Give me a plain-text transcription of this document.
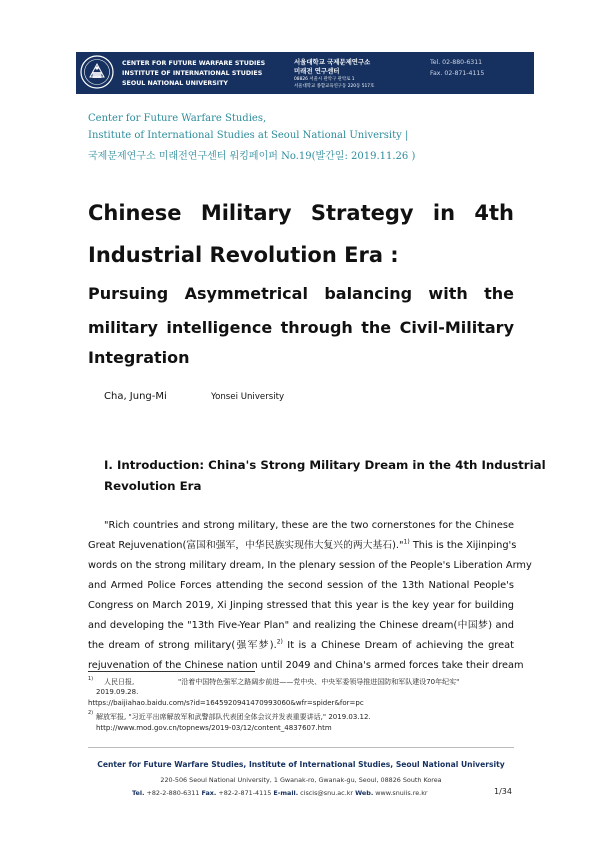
CENTER FOR FUTURE WARFARE STUDIES
INSTITUTE OF INTERNATIONAL STUDIES
SEOUL NATIONAL UNIVERSITY
서울대학교 국제문제연구소
미래전 연구센터
08826 서울시 관악구 관악로 1
서울대학교 종합교육연구동 220동 517호
Tel. 02-880-6311
Fax. 02-871-4115
Center for Future Warfare Studies,
Institute of International Studies at Seoul National University |
국제문제연구소 미래전연구센터 워킹페이퍼 No.19(발간일: 2019.11.26 )
Chinese Military Strategy in 4th
Industrial Revolution Era :
Pursuing Asymmetrical balancing with the
military intelligence through the Civil-Military
Integration
Cha, Jung-Mi	Yonsei University
Ⅰ. Introduction: China's Strong Military Dream in the 4th Industrial
Revolution Era
"Rich countries and strong military, these are the two cornerstones for the Chinese
Great Rejuvenation(富国和强军，中华民族实现伟大复兴的两大基石)."$^{1)}$ This is the Xijinping's
words on the strong military dream, In the plenary session of the People's Liberation Army
and Armed Police Forces attending the second session of the 13th National People's
Congress on March 2019, Xi Jinping stressed that this year is the key year for building
and developing the "13th Five-Year Plan" and realizing the Chinese dream(中国梦) and
the dream of strong military(强军梦).$^{2)}$ It is a Chinese Dream of achieving the great
rejuvenation of the Chinese nation until 2049 and China's armed forces take their dream
$^{1)}$ 人民日报,	"沿着中国特色强军之路阔步前进——党中央、中央军委领导推进国防和军队建设70年纪实"
2019.09.28.
https://baijiahao.baidu.com/s?id=1645920941470993060&wfr=spider&for=pc
$^{2)}$ 解放军报, "习近平出席解放军和武警部队代表团全体会议并发表重要讲话," 2019.03.12.
http://www.mod.gov.cn/topnews/2019-03/12/content_4837607.htm
Center for Future Warfare Studies, Institute of International Studies, Seoul National University
220-506 Seoul National University, 1 Gwanak-ro, Gwanak-gu, Seoul, 08826 South Korea
Tel. +82-2-880-6311 Fax. +82-2-871-4115 E-mail. ciscis@snu.ac.kr Web. www.snuiis.re.kr	1/34
